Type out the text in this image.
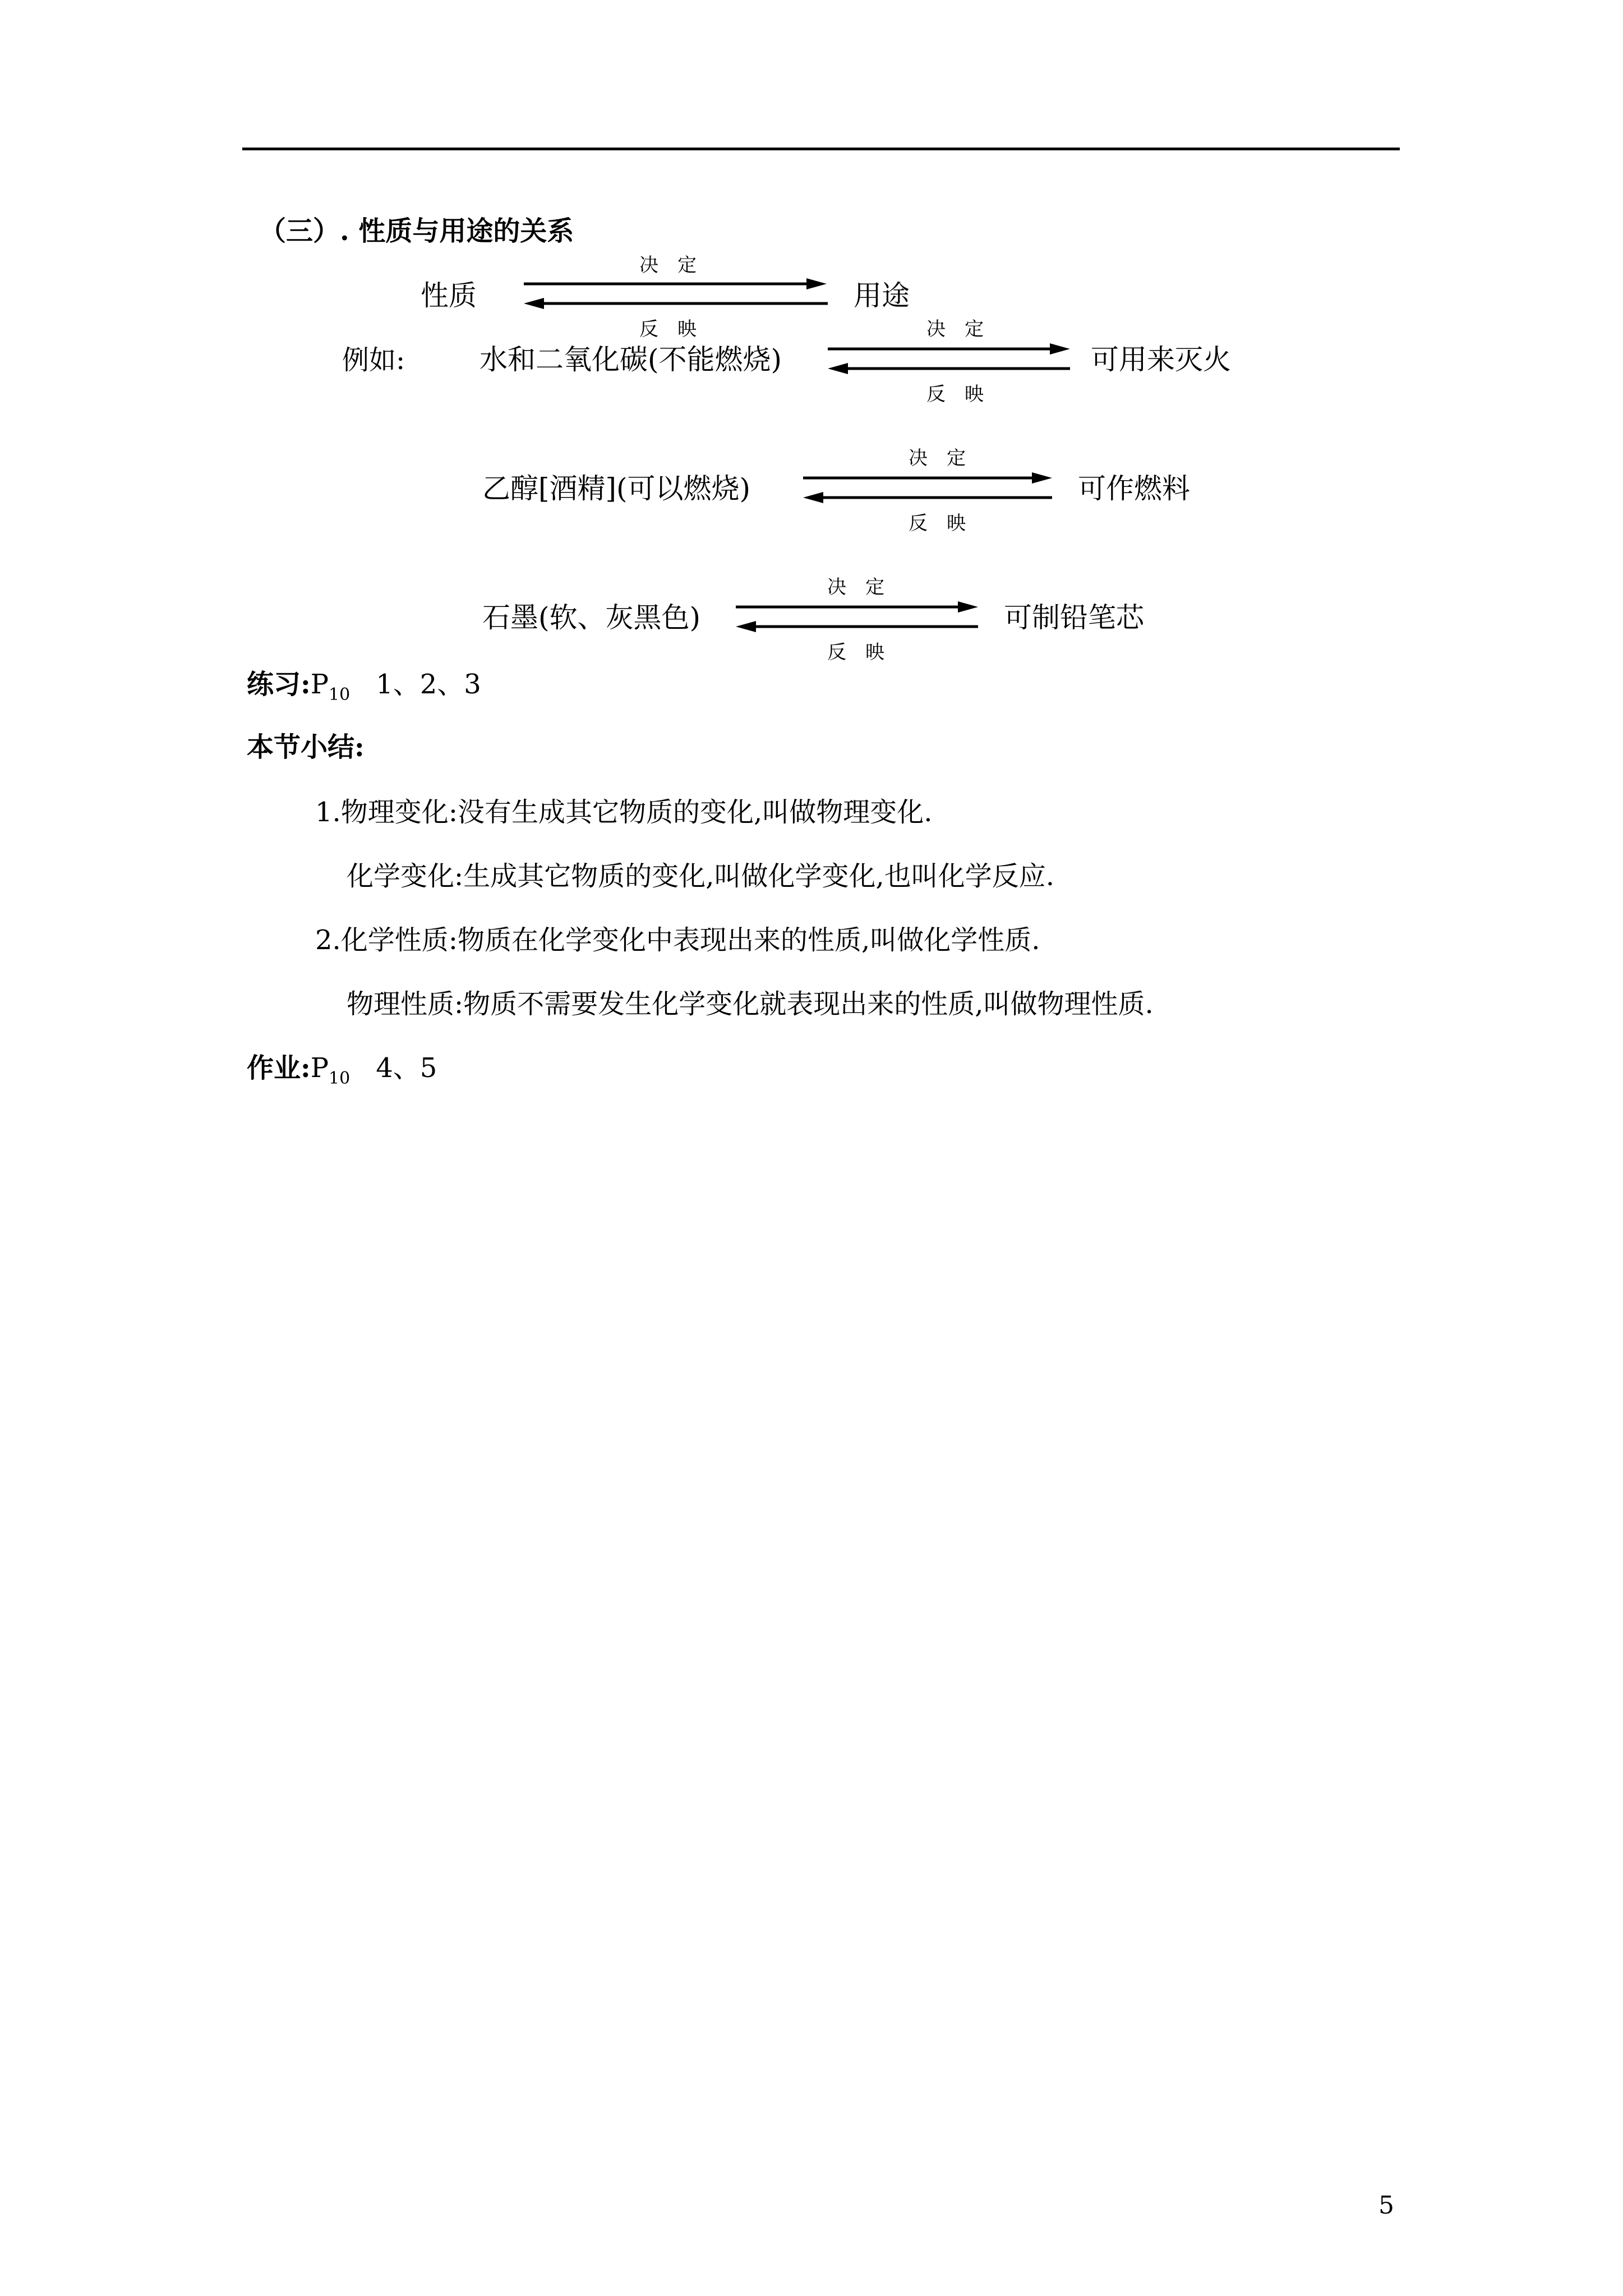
（三）. 性质与用途的关系
性质
决　定
反　映
用途
例如:	水和二氧化碳(不能燃烧)
决　定
反　映
可用来灭火
乙醇[酒精](可以燃烧)
决　定
反　映
可作燃料
石墨(软、灰黑色)
决　定
反　映
可制铅笔芯
练习$:P_{10}$ 1、2、3
本节小结:
1.物理变化:没有生成其它物质的变化,叫做物理变化.
化学变化:生成其它物质的变化,叫做化学变化,也叫化学反应.
2.化学性质:物质在化学变化中表现出来的性质,叫做化学性质.
物理性质:物质不需要发生化学变化就表现出来的性质,叫做物理性质.
作业$:P_{10}$ 4、5
5
